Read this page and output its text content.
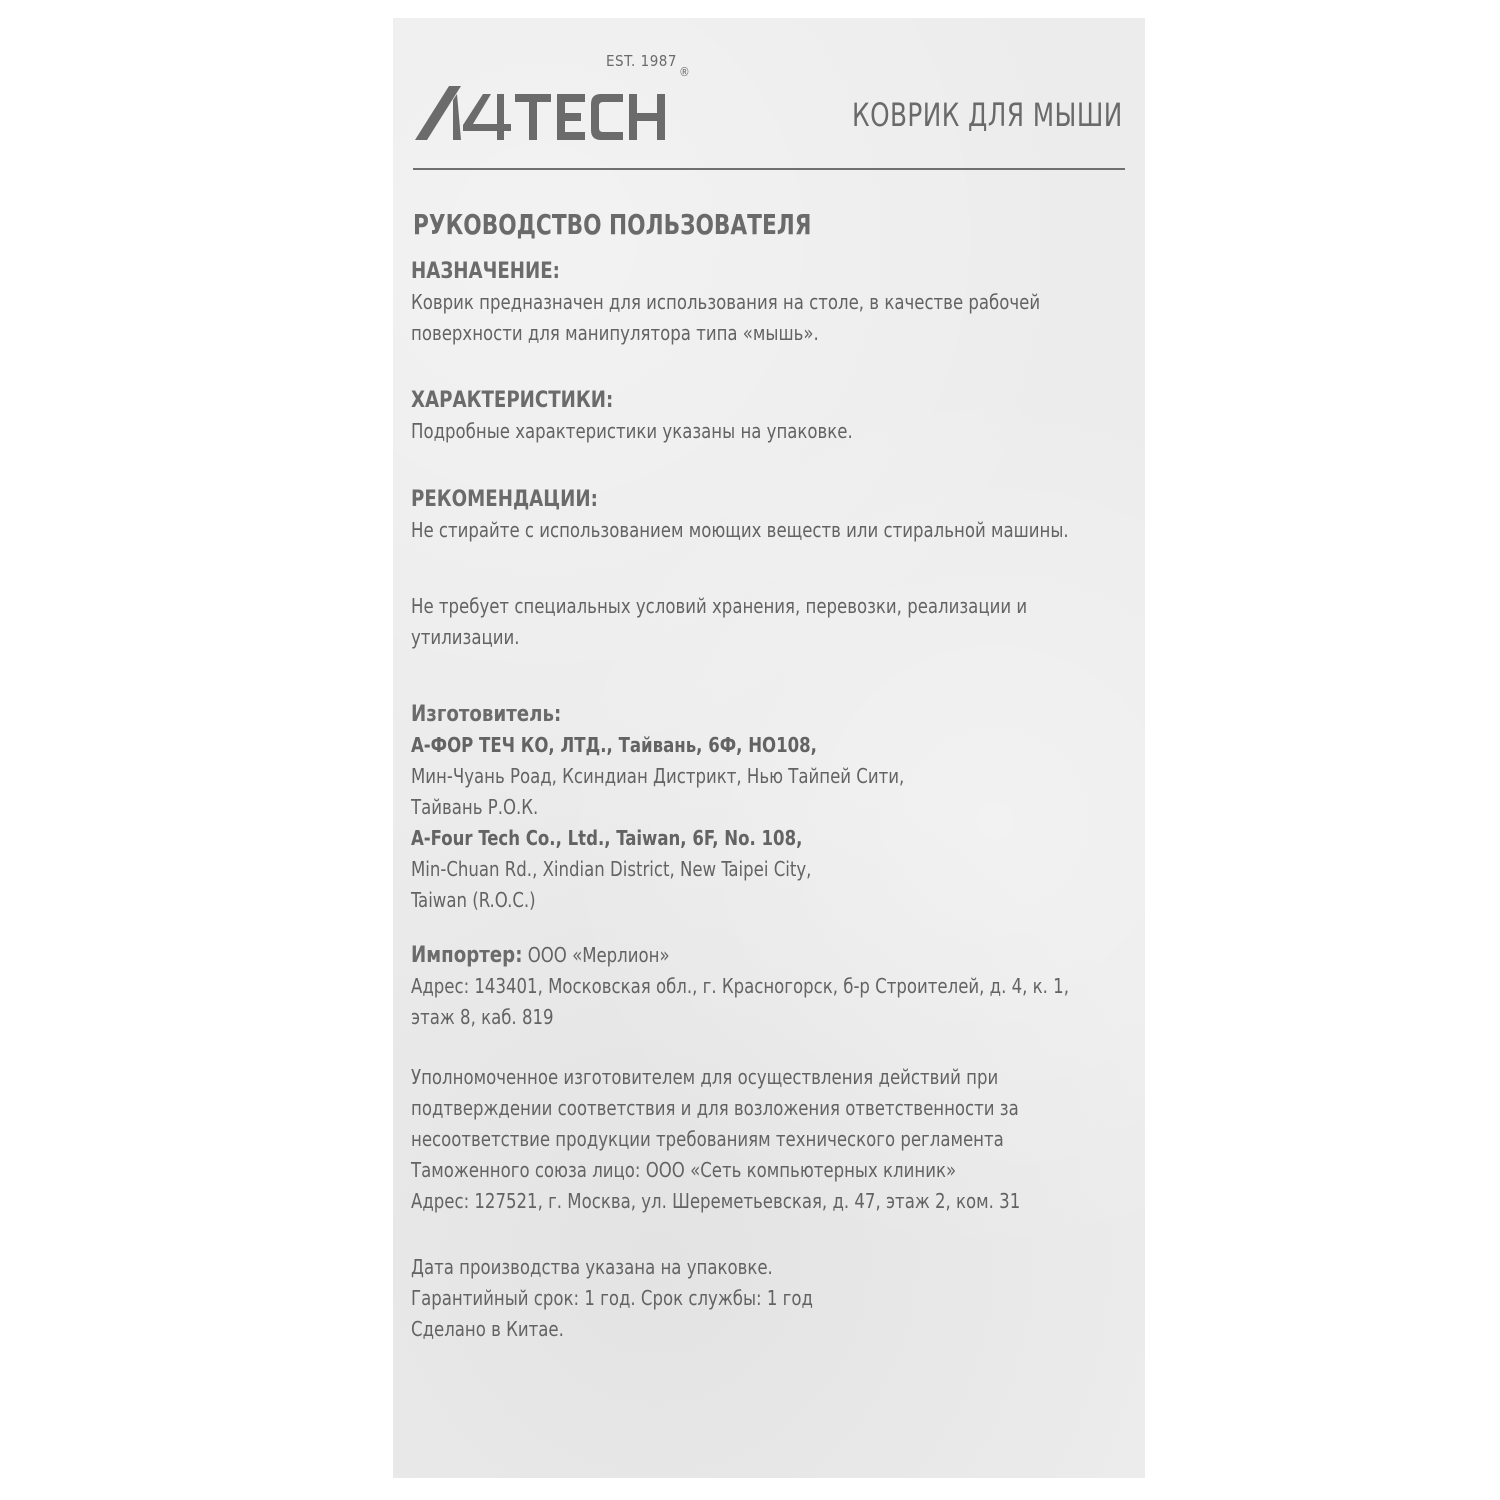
EST. 1987
®
КОВРИК ДЛЯ МЫШИ
РУКОВОДСТВО ПОЛЬЗОВАТЕЛЯ
НАЗНАЧЕНИЕ:
Коврик предназначен для использования на столе, в качестве рабочей
поверхности для манипулятора типа «мышь».
ХАРАКТЕРИСТИКИ:
Подробные характеристики указаны на упаковке.
РЕКОМЕНДАЦИИ:
Не стирайте с использованием моющих веществ или стиральной машины.
Не требует специальных условий хранения, перевозки, реализации и
утилизации.
Изготовитель:
А-ФОР ТЕЧ КО, ЛТД., Тайвань, 6Ф, НО108,
Мин-Чуань Роад, Ксиндиан Дистрикт, Нью Тайпей Сити,
Тайвань Р.О.К.
A-Four Tech Co., Ltd., Taiwan, 6F, No. 108,
Min-Chuan Rd., Xindian District, New Taipei City,
Taiwan (R.O.C.)
Импортер: ООО «Мерлион»
Адрес: 143401, Московская обл., г. Красногорск, б-р Строителей, д. 4, к. 1,
этаж 8, каб. 819
Уполномоченное изготовителем для осуществления действий при
подтверждении соответствия и для возложения ответственности за
несоответствие продукции требованиям технического регламента
Таможенного союза лицо: ООО «Сеть компьютерных клиник»
Адрес: 127521, г. Москва, ул. Шереметьевская, д. 47, этаж 2, ком. 31
Дата производства указана на упаковке.
Гарантийный срок: 1 год. Срок службы: 1 год
Сделано в Китае.
